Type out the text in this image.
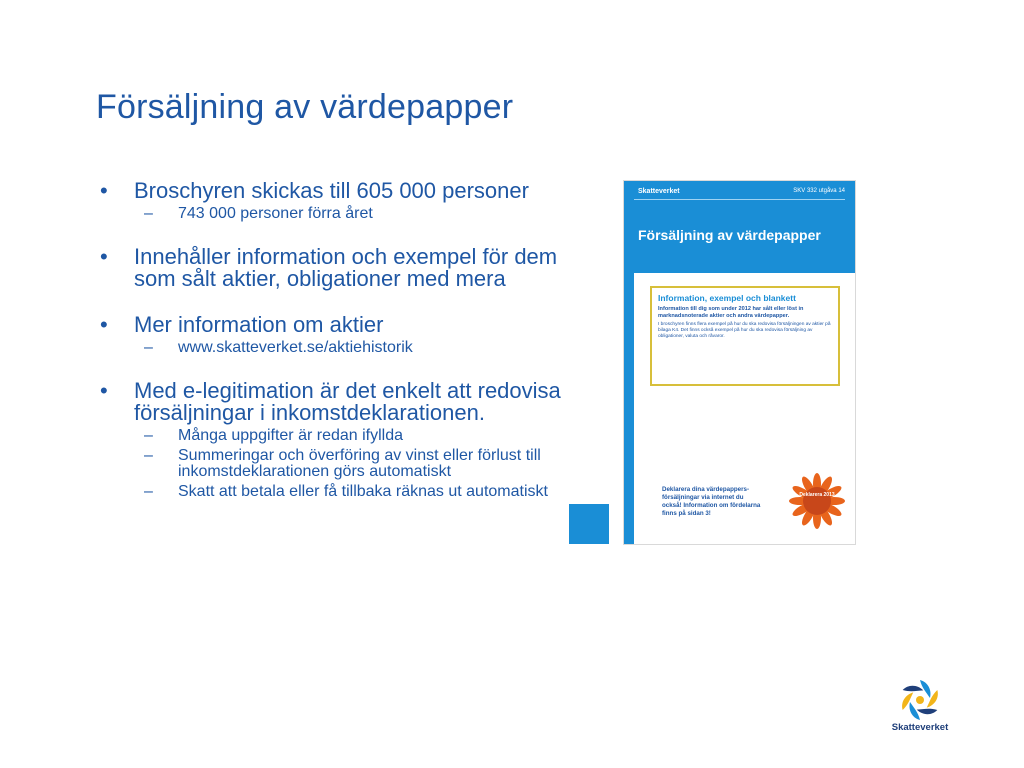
Försäljning av värdepapper
• Broschyren skickas till 605 000 personer
– 743 000 personer förra året
• Innehåller information och exempel för dem som sålt aktier, obligationer med mera
• Mer information om aktier
– www.skatteverket.se/aktiehistorik
• Med e-legitimation är det enkelt att redovisa försäljningar i inkomstdeklarationen.
– Många uppgifter är redan ifyllda
– Summeringar och överföring av vinst eller förlust till inkomstdeklarationen görs automatiskt
– Skatt att betala eller få tillbaka räknas ut automatiskt
Skatteverket	SKV 332 utgåva 14
Försäljning av värdepapper
Information, exempel och blankett
Information till dig som under 2012 har sålt eller löst in marknadsnoterade aktier och andra värdepapper.
I broschyren finns flera exempel på hur du ska redovisa försäljningen av aktier på bilaga K4. Det finns också exempel på hur du ska redovisa försäljning av obligationer, valuta och råvaror.
Deklarera dina värdepappers-försäljningar via internet du också! Information om fördelarna finns på sidan 3!
Deklarera 2013
Skatteverket
